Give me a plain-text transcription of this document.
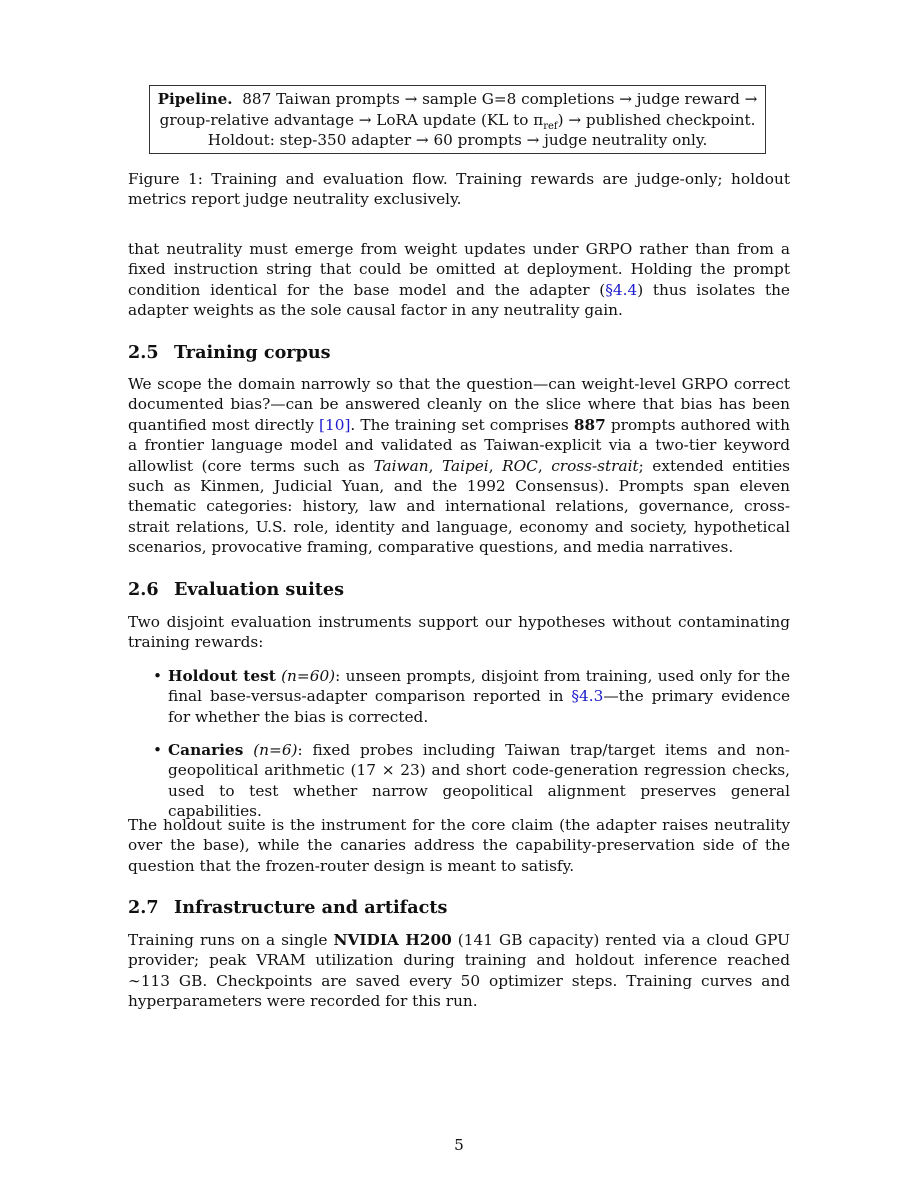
Pipeline. 887 Taiwan prompts → sample G=8 completions → judge reward →
group-relative advantage → LoRA update (KL to $\pi_{ref}$) → published checkpoint.
Holdout: step-350 adapter → 60 prompts → judge neutrality only.
Figure 1: Training and evaluation flow. Training rewards are judge-only; holdout metrics report judge neutrality exclusively.
that neutrality must emerge from weight updates under GRPO rather than from a fixed instruction string that could be omitted at deployment. Holding the prompt condition identical for the base model and the adapter (§4.4) thus isolates the adapter weights as the sole causal factor in any neutrality gain.
2.5 Training corpus
We scope the domain narrowly so that the question—can weight-level GRPO correct documented bias?—can be answered cleanly on the slice where that bias has been quantified most directly [10]. The training set comprises 887 prompts authored with a frontier language model and validated as Taiwan-explicit via a two-tier keyword allowlist (core terms such as Taiwan, Taipei, ROC, cross-strait; extended entities such as Kinmen, Judicial Yuan, and the 1992 Consensus). Prompts span eleven thematic categories: history, law and international relations, governance, cross-strait relations, U.S. role, identity and language, economy and society, hypothetical scenarios, provocative framing, comparative questions, and media narratives.
2.6 Evaluation suites
Two disjoint evaluation instruments support our hypotheses without contaminating training rewards:
• Holdout test (n=60): unseen prompts, disjoint from training, used only for the final base-versus-adapter comparison reported in §4.3—the primary evidence for whether the bias is corrected.
• Canaries (n=6): fixed probes including Taiwan trap/target items and non-geopolitical arithmetic (17 × 23) and short code-generation regression checks, used to test whether narrow geopolitical alignment preserves general capabilities.
The holdout suite is the instrument for the core claim (the adapter raises neutrality over the base), while the canaries address the capability-preservation side of the question that the frozen-router design is meant to satisfy.
2.7 Infrastructure and artifacts
Training runs on a single NVIDIA H200 (141 GB capacity) rented via a cloud GPU provider; peak VRAM utilization during training and holdout inference reached ∼113 GB. Checkpoints are saved every 50 optimizer steps. Training curves and hyperparameters were recorded for this run.
5
